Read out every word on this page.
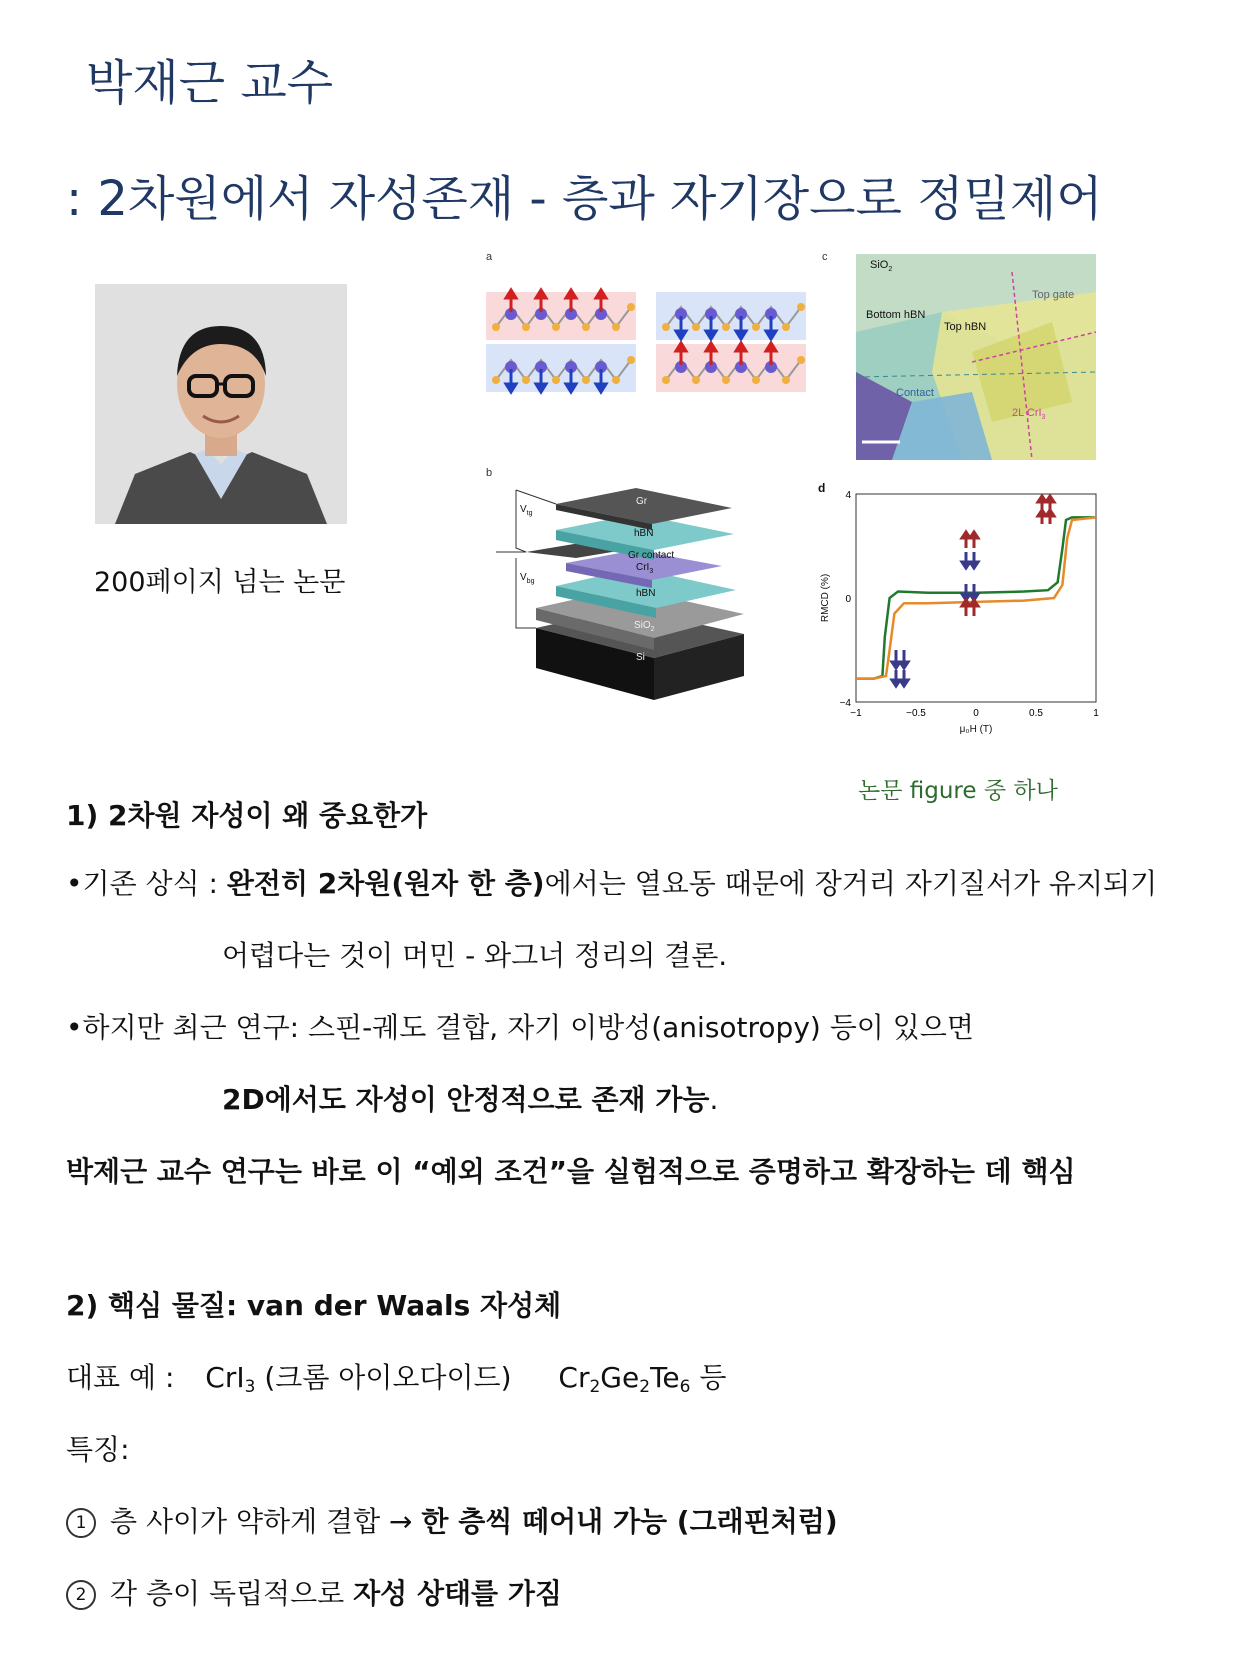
박재근 교수
: 2차원에서 자성존재 - 층과 자기장으로 정밀제어
200페이지 넘는 논문
a	c
SiO$_2$
Bottom hBN
Top hBN
Top gate
Contact
2L CrI$_3$
b
$V_{tg}$
$V_{bg}$
Gr
hBN
Gr contact
CrI$_3$
hBN
SiO$_2$
Si
d
−1	−0.5	0	0.5	1
4
0
−4
RMCD (%)
μ₀H (T)
논문 figure 중 하나
1) 2차원 자성이 왜 중요한가
•기존 상식 : 완전히 2차원(원자 한 층)에서는 열요동 때문에 장거리 자기질서가 유지되기
어렵다는 것이 머민 - 와그너 정리의 결론.
•하지만 최근 연구: 스핀-궤도 결합, 자기 이방성(anisotropy) 등이 있으면
2D에서도 자성이 안정적으로 존재 가능.
박제근 교수 연구는 바로 이 “예외 조건”을 실험적으로 증명하고 확장하는 데 핵심
2) 핵심 물질: van der Waals 자성체
대표 예 : CrI$_3$ (크롬 아이오다이드) $Cr_2Ge_2Te_6$ 등
특징:
1 층 사이가 약하게 결합 → 한 층씩 떼어내 가능 (그래핀처럼)
2 각 층이 독립적으로 자성 상태를 가짐
